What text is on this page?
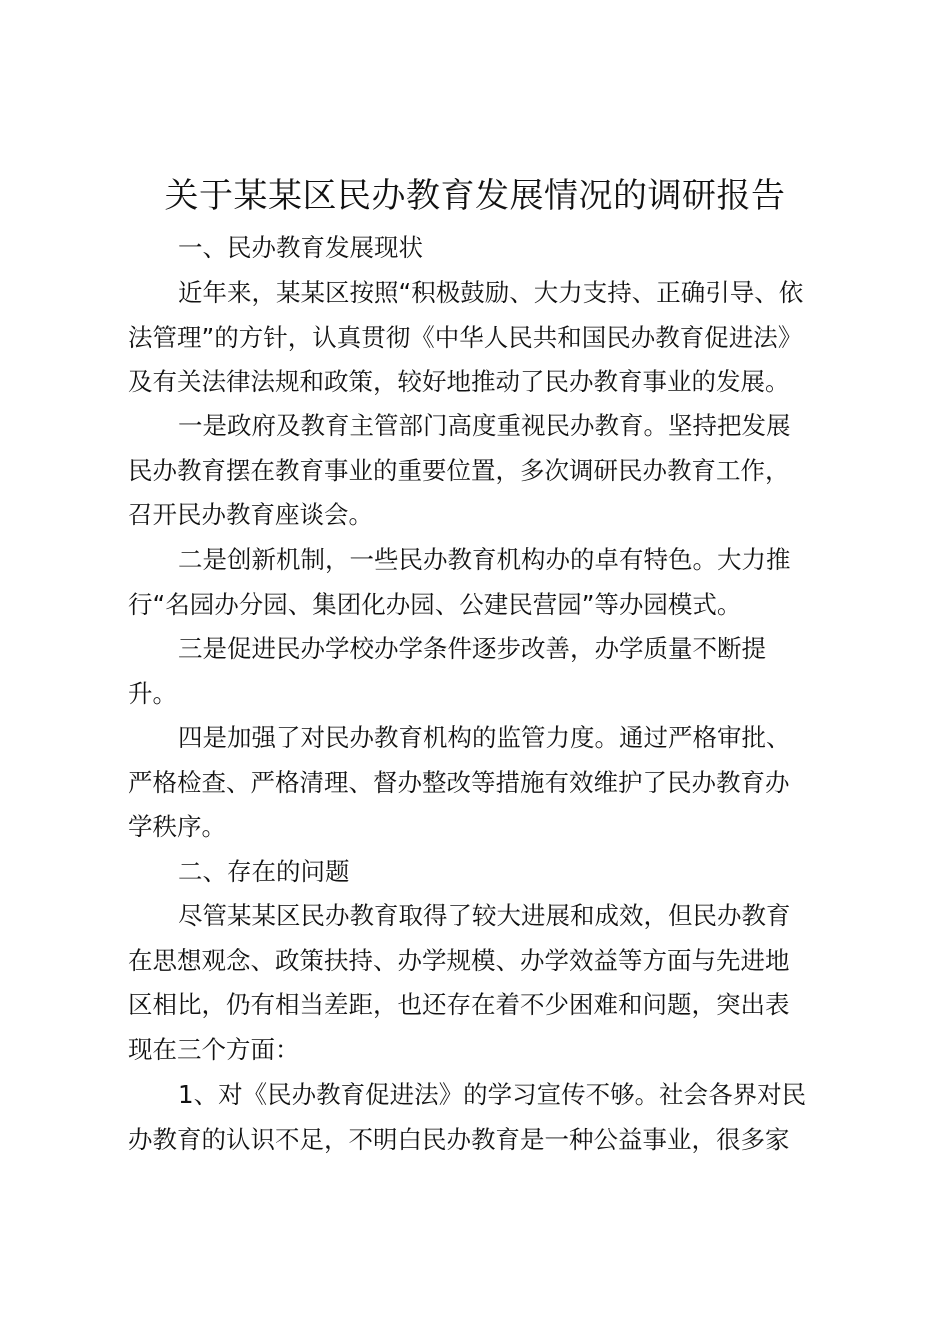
关于某某区民办教育发展情况的调研报告
一、民办教育发展现状
近年来，某某区按照“积极鼓励、大力支持、正确引导、依
法管理”的方针，认真贯彻《中华人民共和国民办教育促进法》
及有关法律法规和政策，较好地推动了民办教育事业的发展。
一是政府及教育主管部门高度重视民办教育。坚持把发展
民办教育摆在教育事业的重要位置，多次调研民办教育工作，
召开民办教育座谈会。
二是创新机制，一些民办教育机构办的卓有特色。大力推
行“名园办分园、集团化办园、公建民营园”等办园模式。
三是促进民办学校办学条件逐步改善，办学质量不断提
升。
四是加强了对民办教育机构的监管力度。通过严格审批、
严格检查、严格清理、督办整改等措施有效维护了民办教育办
学秩序。
二、存在的问题
尽管某某区民办教育取得了较大进展和成效，但民办教育
在思想观念、政策扶持、办学规模、办学效益等方面与先进地
区相比，仍有相当差距，也还存在着不少困难和问题，突出表
现在三个方面：
1、对《民办教育促进法》的学习宣传不够。社会各界对民
办教育的认识不足，不明白民办教育是一种公益事业，很多家
